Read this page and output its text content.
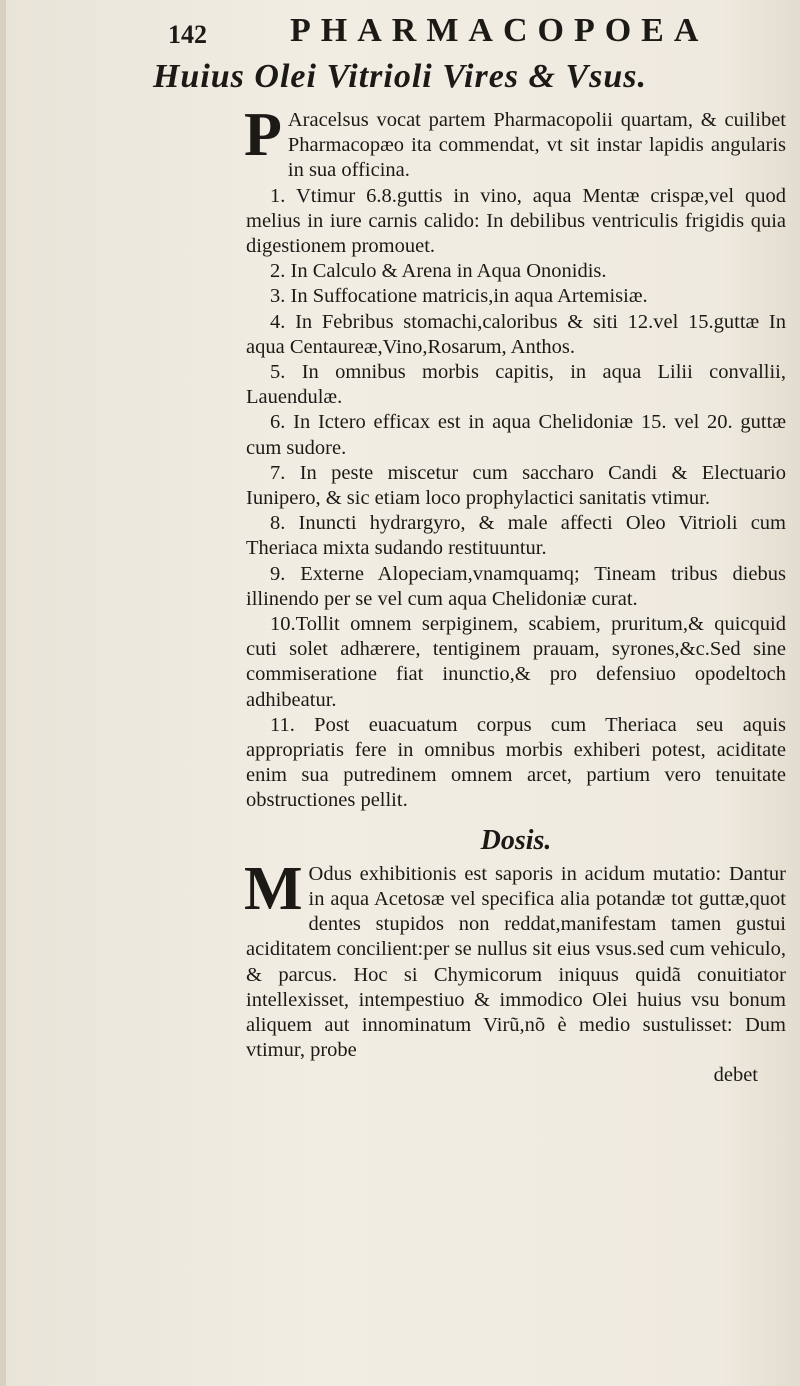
142 PHARMACOPOEA
Huius Olei Vitrioli Vires & Vsus.

P Aracelsus vocat partem Pharmacopolii quartam, & cuilibet Pharmacopæo ita commendat, vt sit instar lapidis angularis in sua officina.

1. Vtimur 6.8.guttis in vino, aqua Mentæ crispæ,vel quod melius in iure carnis calido: In debilibus ventriculis frigidis quia digestionem promouet.

2. In Calculo & Arena in Aqua Ononidis.

3. In Suffocatione matricis,in aqua Artemisiæ.

4. In Febribus stomachi,caloribus & siti 12.vel 15.guttæ In aqua Centaureæ,Vino,Rosarum, Anthos.

5. In omnibus morbis capitis, in aqua Lilii convallii, Lauendulæ.

6. In Ictero efficax est in aqua Chelidoniæ 15. vel 20. guttæ cum sudore.

7. In peste miscetur cum saccharo Candi & Electuario Iunipero, & sic etiam loco prophylactici sanitatis vtimur.

8. Inuncti hydrargyro, & male affecti Oleo Vitrioli cum Theriaca mixta sudando restituuntur.

9. Externe Alopeciam,vnamquamq; Tineam tribus diebus illinendo per se vel cum aqua Chelidoniæ curat.

10.Tollit omnem serpiginem, scabiem, pruritum,& quicquid cuti solet adhærere, tentiginem prauam, syrones,&c.Sed sine commiseratione fiat inunctio,& pro defensiuo opodeltoch adhibeatur.

11. Post euacuatum corpus cum Theriaca seu aquis appropriatis fere in omnibus morbis exhiberi potest, aciditate enim sua putredinem omnem arcet, partium vero tenuitate obstructiones pellit.

Dosis.

M Odus exhibitionis est saporis in acidum mutatio: Dantur in aqua Acetosæ vel specifica alia potandæ tot guttæ,quot dentes stupidos non reddat,manifestam tamen gustui aciditatem concilient:per se nullus sit eius vsus.sed cum vehiculo, & parcus. Hoc si Chymicorum iniquus quidã conuitiator intellexisset, intempestiuo & immodico Olei huius vsu bonum aliquem aut innominatum Virũ,nõ è medio sustulisset: Dum vtimur, probe

debet
